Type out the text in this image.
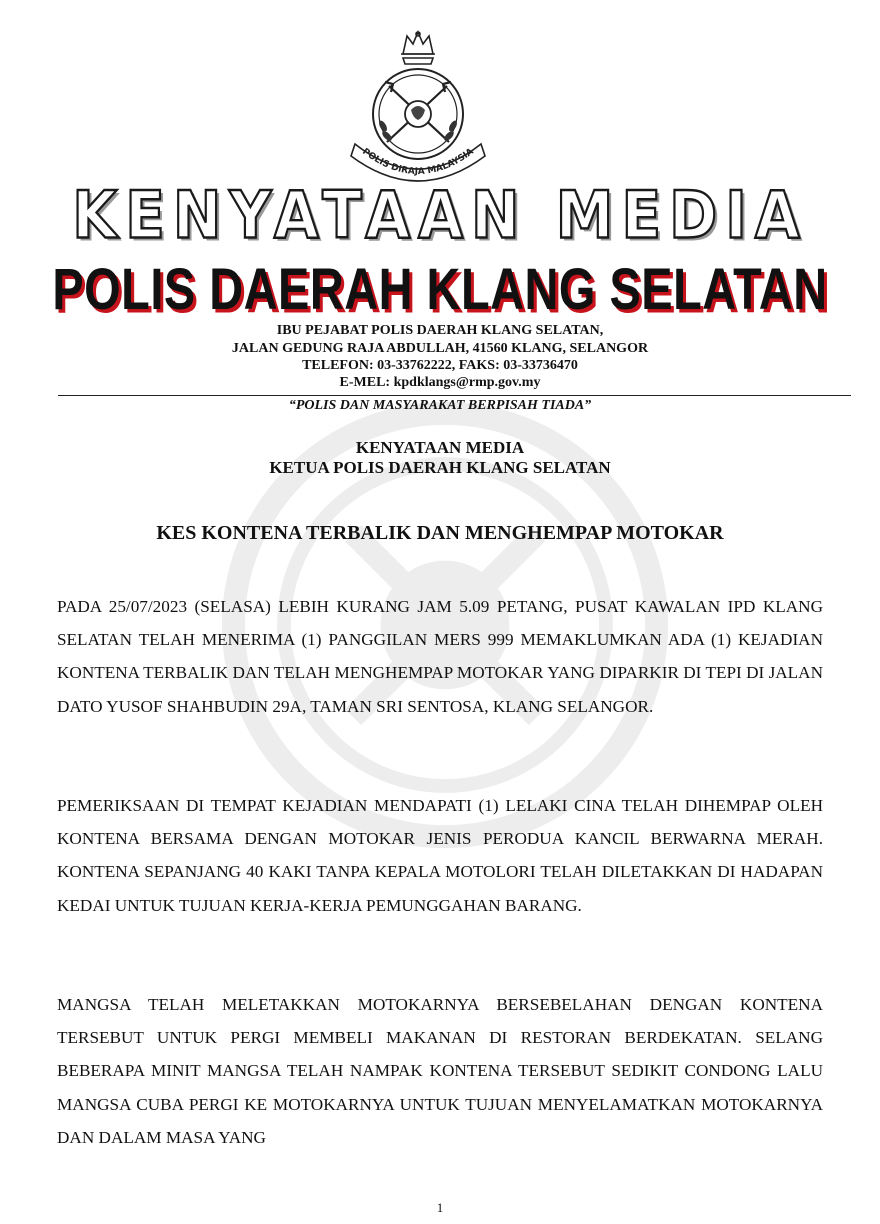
POLIS DIRAJA MALAYSIA
KENYATAAN MEDIA
POLIS DAERAH KLANG SELATAN
IBU PEJABAT POLIS DAERAH KLANG SELATAN,
JALAN GEDUNG RAJA ABDULLAH, 41560 KLANG, SELANGOR
TELEFON: 03-33762222, FAKS: 03-33736470
E-MEL: kpdklangs@rmp.gov.my
“POLIS DAN MASYARAKAT BERPISAH TIADA”
KENYATAAN MEDIA
KETUA POLIS DAERAH KLANG SELATAN
KES KONTENA TERBALIK DAN MENGHEMPAP MOTOKAR

PADA 25/07/2023 (SELASA) LEBIH KURANG JAM 5.09 PETANG, PUSAT KAWALAN IPD KLANG SELATAN TELAH MENERIMA (1) PANGGILAN MERS 999 MEMAKLUMKAN ADA (1) KEJADIAN KONTENA TERBALIK DAN TELAH MENGHEMPAP MOTOKAR YANG DIPARKIR DI TEPI DI JALAN DATO YUSOF SHAHBUDIN 29A, TAMAN SRI SENTOSA, KLANG SELANGOR.

PEMERIKSAAN DI TEMPAT KEJADIAN MENDAPATI (1) LELAKI CINA TELAH DIHEMPAP OLEH KONTENA BERSAMA DENGAN MOTOKAR JENIS PERODUA KANCIL BERWARNA MERAH. KONTENA SEPANJANG 40 KAKI TANPA KEPALA MOTOLORI TELAH DILETAKKAN DI HADAPAN KEDAI UNTUK TUJUAN KERJA-KERJA PEMUNGGAHAN BARANG.

MANGSA TELAH MELETAKKAN MOTOKARNYA BERSEBELAHAN DENGAN KONTENA TERSEBUT UNTUK PERGI MEMBELI MAKANAN DI RESTORAN BERDEKATAN. SELANG BEBERAPA MINIT MANGSA TELAH NAMPAK KONTENA TERSEBUT SEDIKIT CONDONG LALU MANGSA CUBA PERGI KE MOTOKARNYA UNTUK TUJUAN MENYELAMATKAN MOTOKARNYA DAN DALAM MASA YANG

1
